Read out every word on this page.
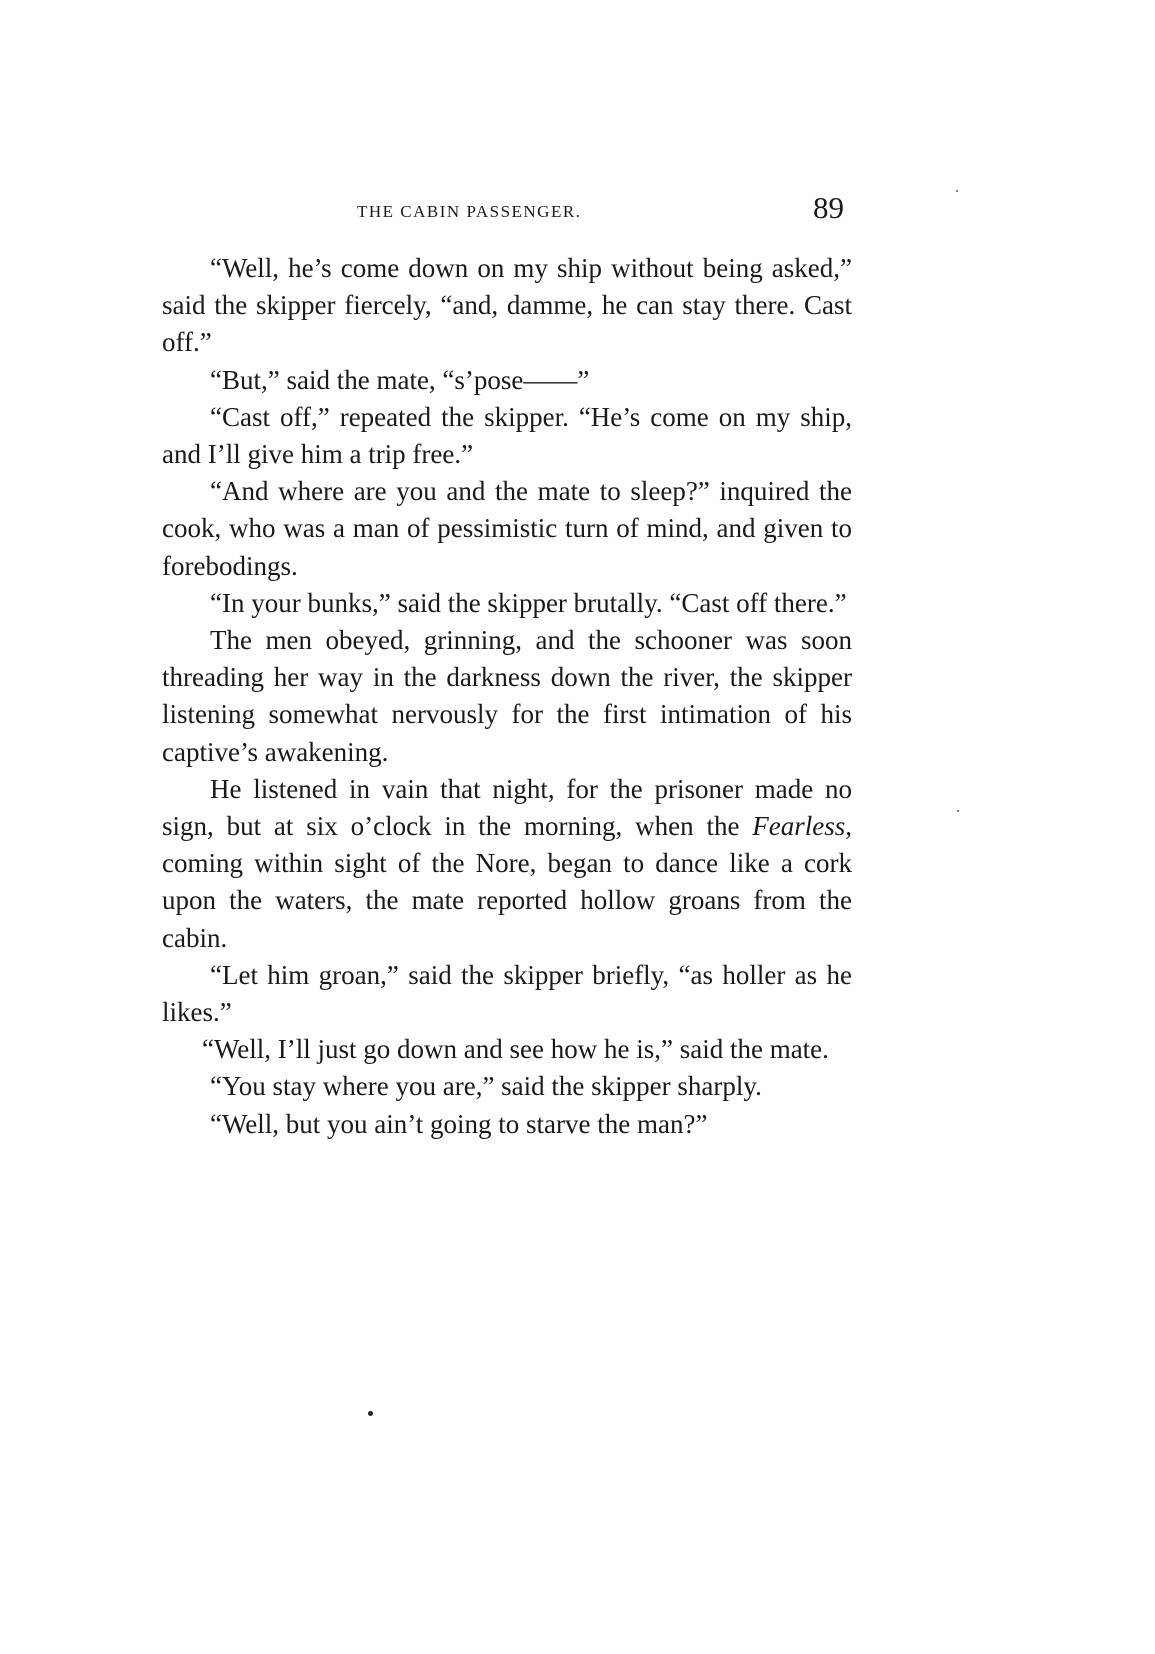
THE CABIN PASSENGER.	89

“Well, he’s come down on my ship without being asked,” said the skipper fiercely, “and, damme, he can stay there. Cast off.”

“But,” said the mate, “s’pose——”

“Cast off,” repeated the skipper. “He’s come on my ship, and I’ll give him a trip free.”

“And where are you and the mate to sleep?” inquired the cook, who was a man of pessimistic turn of mind, and given to forebodings.

“In your bunks,” said the skipper brutally. “Cast off there.”

The men obeyed, grinning, and the schooner was soon threading her way in the darkness down the river, the skipper listening somewhat nervously for the first intimation of his captive’s awakening.

He listened in vain that night, for the prisoner made no sign, but at six o’clock in the morning, when the Fearless, coming within sight of the Nore, began to dance like a cork upon the waters, the mate reported hollow groans from the cabin.

“Let him groan,” said the skipper briefly, “as holler as he likes.”

“Well, I’ll just go down and see how he is,” said the mate.

“You stay where you are,” said the skipper sharply.

“Well, but you ain’t going to starve the man?”
